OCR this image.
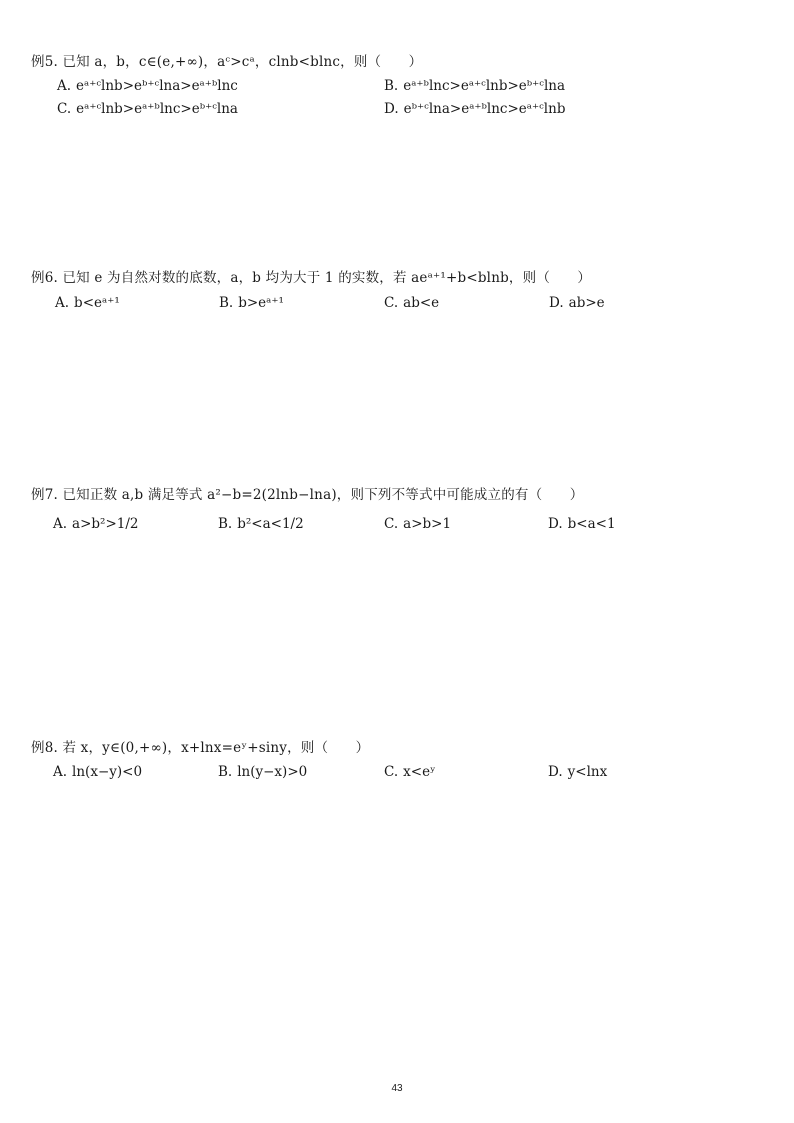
例5. 已知 a，b，c∈(e,+∞)，aᶜ>cᵃ，clnb<blnc，则（　　）
A. eᵃ⁺ᶜlnb>eᵇ⁺ᶜlna>eᵃ⁺ᵇlnc	B. eᵃ⁺ᵇlnc>eᵃ⁺ᶜlnb>eᵇ⁺ᶜlna
C. eᵃ⁺ᶜlnb>eᵃ⁺ᵇlnc>eᵇ⁺ᶜlna	D. eᵇ⁺ᶜlna>eᵃ⁺ᵇlnc>eᵃ⁺ᶜlnb
例6. 已知 e 为自然对数的底数，a，b 均为大于 1 的实数，若 aeᵃ⁺¹+b<blnb，则（　　）
A. b<eᵃ⁺¹	B. b>eᵃ⁺¹	C. ab<e	D. ab>e
例7. 已知正数 a,b 满足等式 a²−b=2(2lnb−lna)，则下列不等式中可能成立的有（　　）
A. a>b²>1/2	B. b²<a<1/2	C. a>b>1	D. b<a<1
例8. 若 x，y∈(0,+∞)，x+lnx=eʸ+siny，则（　　）
A. ln(x−y)<0	B. ln(y−x)>0	C. x<eʸ	D. y<lnx
43
